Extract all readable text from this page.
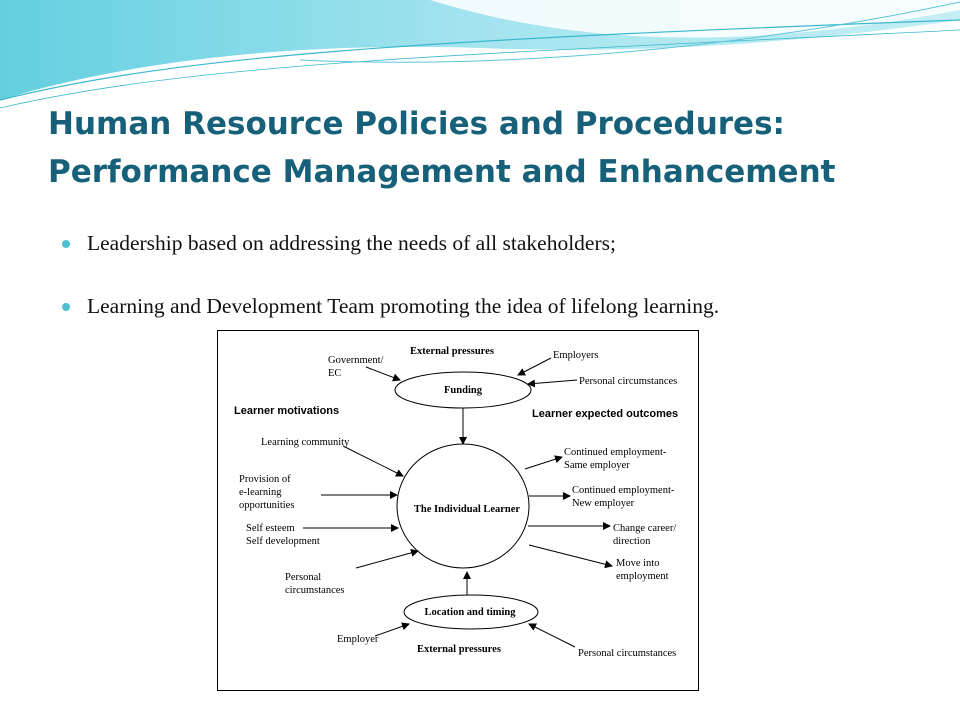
Human Resource Policies and Procedures:
Performance Management and Enhancement
Leadership based on addressing the needs of all stakeholders;
Learning and Development Team promoting the idea of lifelong learning.
Funding
The Individual Learner
Location and timing
External pressures
External pressures
Learner motivations	Learner expected outcomes
Government/
EC
Employers
Personal circumstances
Employer
Personal circumstances
Learning community
Provision of
e-learning
opportunities
Self esteem
Self development
Personal
circumstances
Continued employment-
Same employer
Continued employment-
New employer
Change career/
direction
Move into
employment
